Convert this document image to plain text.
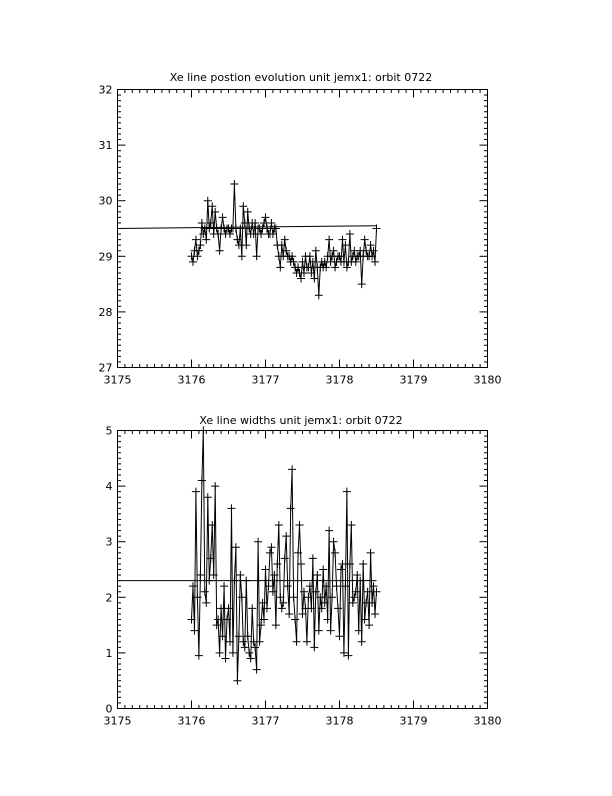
Xe line postion evolution unit jemx1: orbit 0722
3175	3176	3177	3178	3179	3180
27
28
29
30
31
32
Xe line widths unit jemx1: orbit 0722
3175	3176	3177	3178	3179	3180
0
1
2
3
4
5
